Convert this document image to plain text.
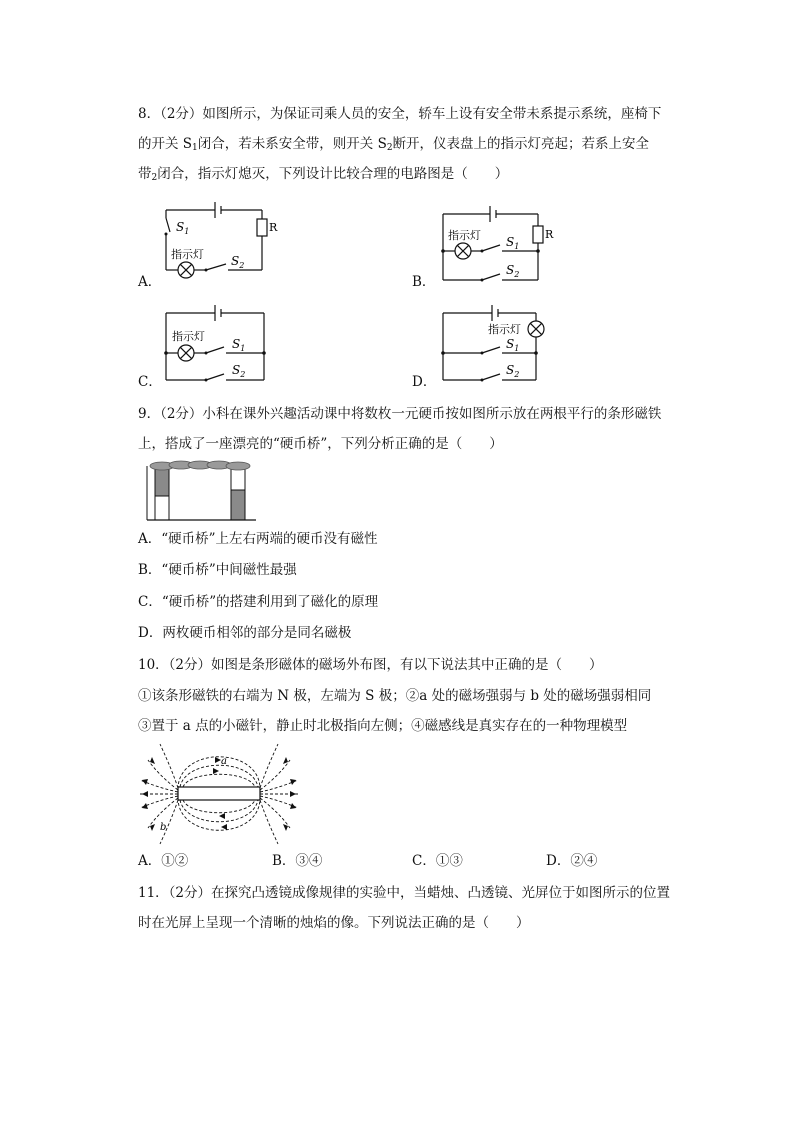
8．（2分）如图所示，为保证司乘人员的安全，轿车上设有安全带未系提示系统，座椅下
的开关 $S_1$闭合，若未系安全带，则开关 $S_2$断开，仪表盘上的指示灯亮起；若系上安全
带$_2$闭合，指示灯熄灭，下列设计比较合理的电路图是（　　）
A．	B．
C．	D．
$S_1$	R
指示灯 $S_2$
指示灯 $S_1$
R
$S_2$
指示灯
$S_1$
$S_2$
指示灯
$S_1$
$S_2$
9．（2分）小科在课外兴趣活动课中将数枚一元硬币按如图所示放在两根平行的条形磁铁
上，搭成了一座漂亮的“硬币桥”，下列分析正确的是（　　）
A．“硬币桥”上左右两端的硬币没有磁性
B．“硬币桥”中间磁性最强
C．“硬币桥”的搭建利用到了磁化的原理
D．两枚硬币相邻的部分是同名磁极
10．（2分）如图是条形磁体的磁场外布图，有以下说法其中正确的是（　　）
①该条形磁铁的右端为 N 极，左端为 S 极；②a 处的磁场强弱与 b 处的磁场强弱相同
③置于 a 点的小磁针，静止时北极指向左侧；④磁感线是真实存在的一种物理模型
a
b
A．①②	B．③④	C．①③	D．②④
11．（2分）在探究凸透镜成像规律的实验中，当蜡烛、凸透镜、光屏位于如图所示的位置
时在光屏上呈现一个清晰的烛焰的像。下列说法正确的是（　　）
